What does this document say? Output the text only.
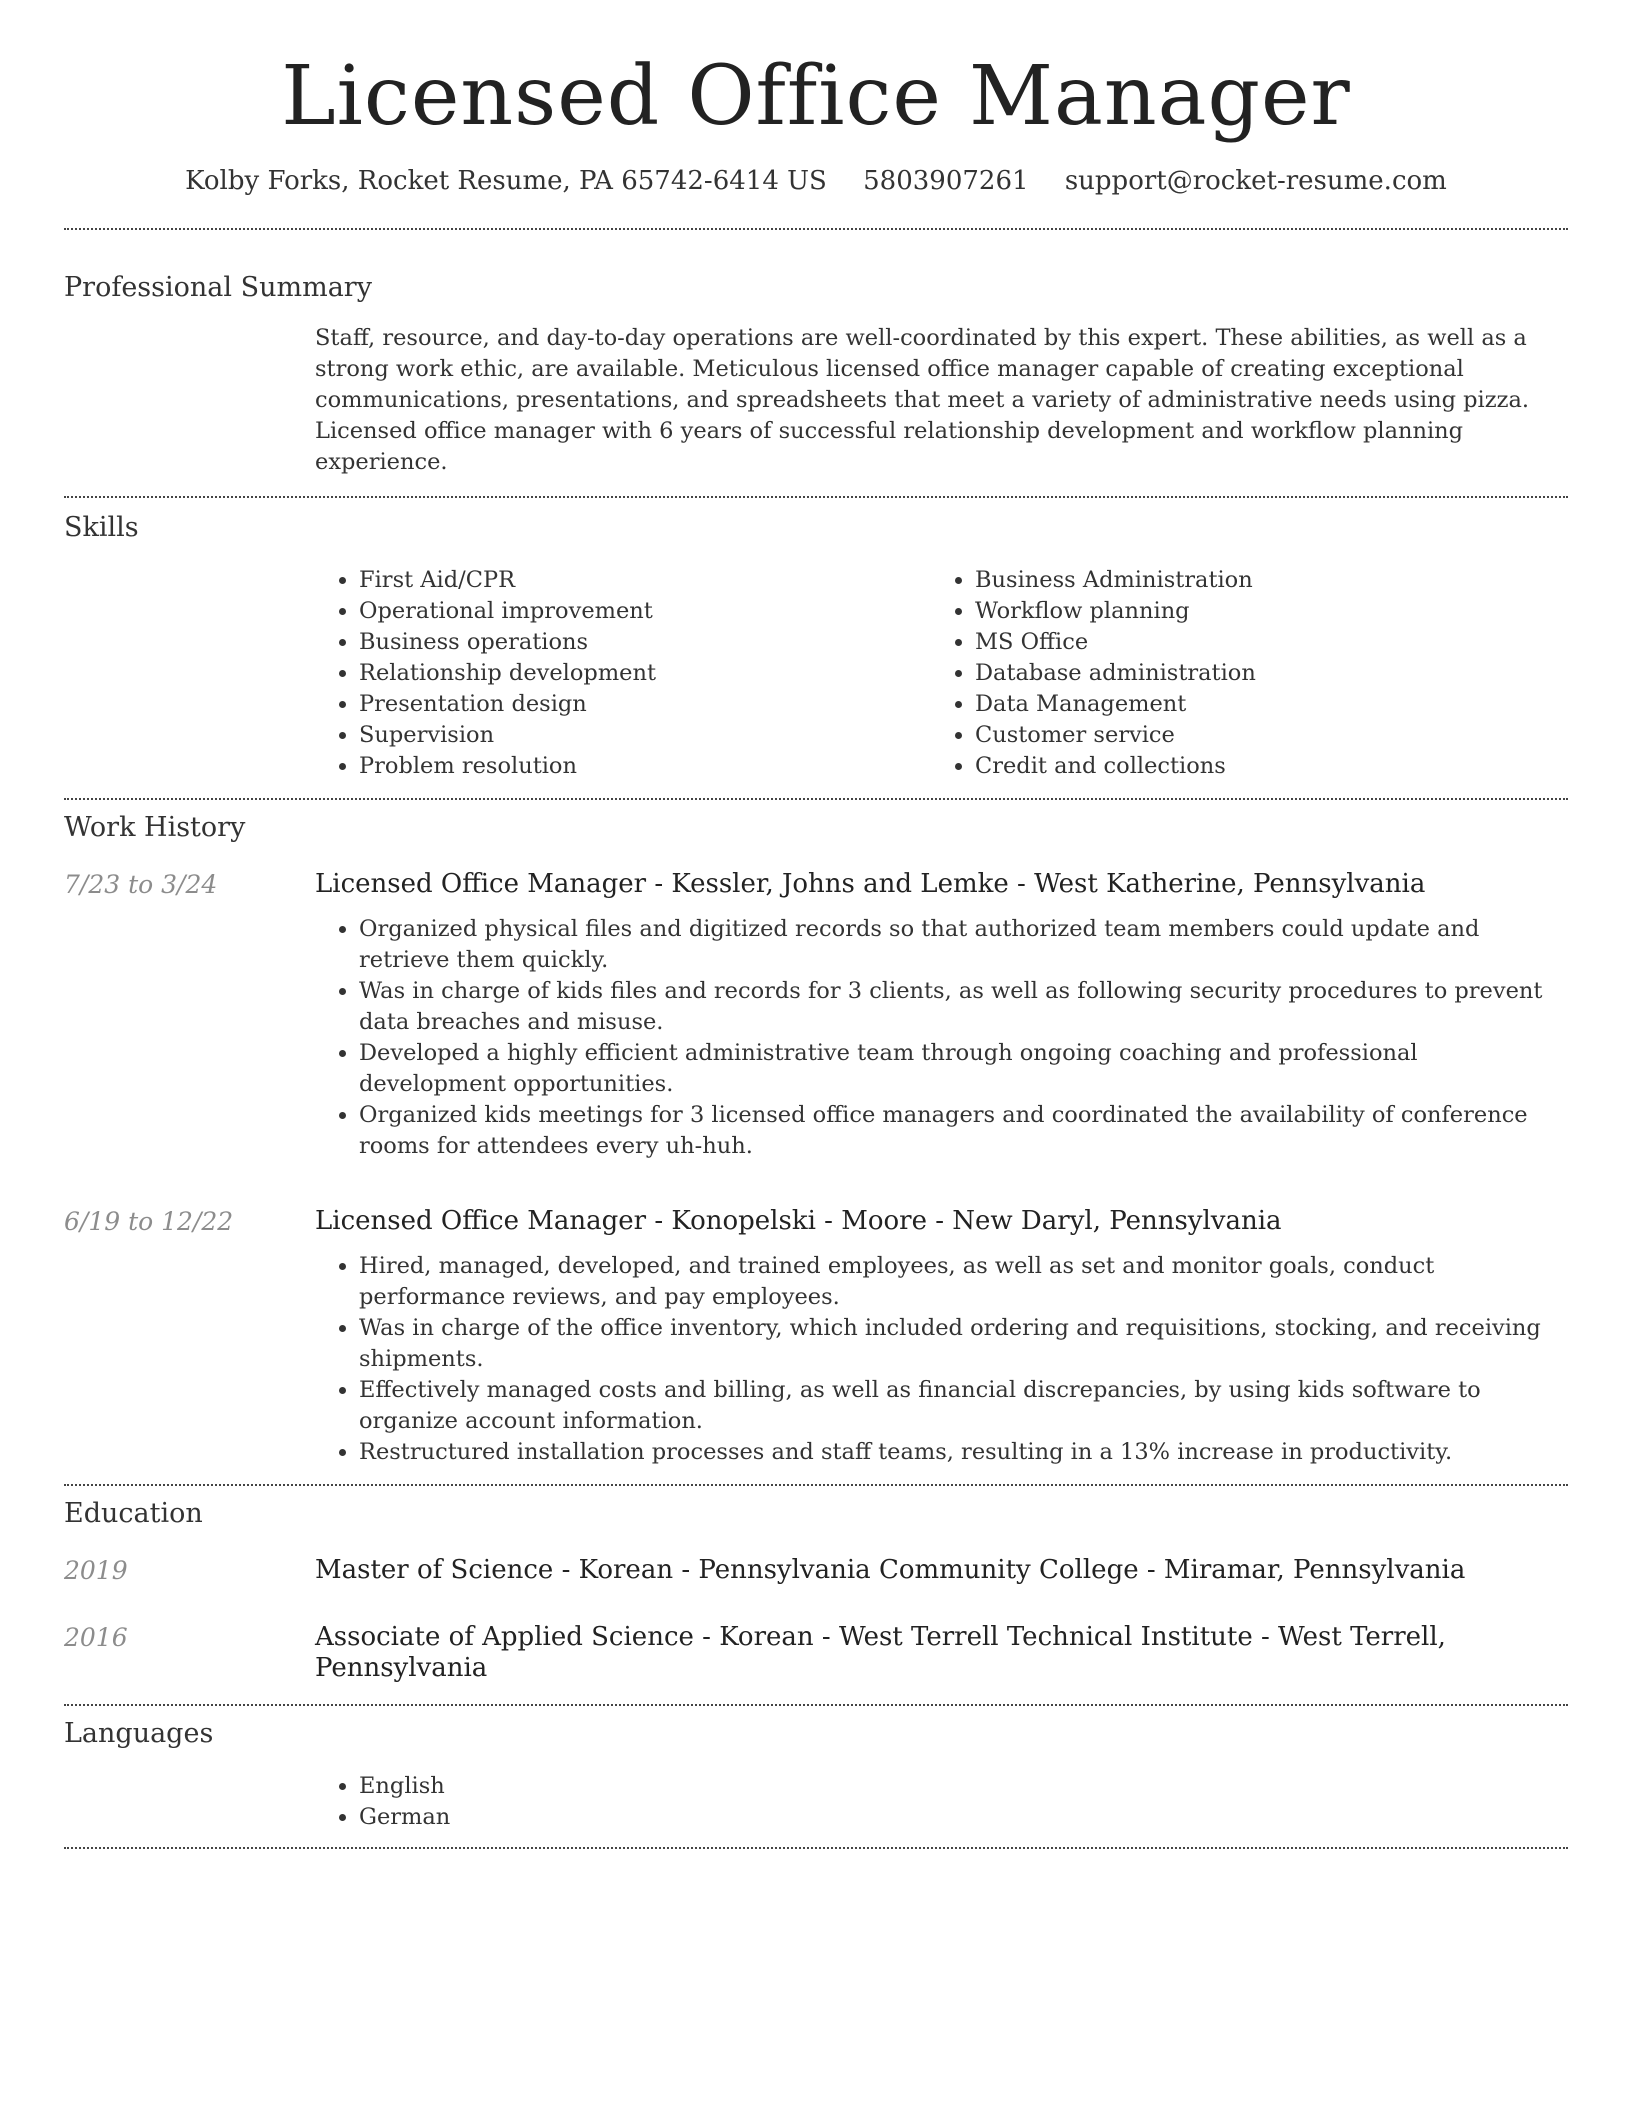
Licensed Office Manager
Kolby Forks, Rocket Resume, PA 65742-6414 US 5803907261 support@rocket-resume.com
Professional Summary
Staff, resource, and day-to-day operations are well-coordinated by this expert. These abilities, as well as a strong work ethic, are available. Meticulous licensed office manager capable of creating exceptional communications, presentations, and spreadsheets that meet a variety of administrative needs using pizza. Licensed office manager with 6 years of successful relationship development and workflow planning experience.
Skills
• First Aid/CPR
• Operational improvement
• Business operations
• Relationship development
• Presentation design
• Supervision
• Problem resolution
• Business Administration
• Workflow planning
• MS Office
• Database administration
• Data Management
• Customer service
• Credit and collections
Work History
7/23 to 3/24	Licensed Office Manager - Kessler, Johns and Lemke - West Katherine, Pennsylvania
• Organized physical files and digitized records so that authorized team members could update and retrieve them quickly.
• Was in charge of kids files and records for 3 clients, as well as following security procedures to prevent data breaches and misuse.
• Developed a highly efficient administrative team through ongoing coaching and professional development opportunities.
• Organized kids meetings for 3 licensed office managers and coordinated the availability of conference rooms for attendees every uh-huh.
6/19 to 12/22	Licensed Office Manager - Konopelski - Moore - New Daryl, Pennsylvania
• Hired, managed, developed, and trained employees, as well as set and monitor goals, conduct performance reviews, and pay employees.
• Was in charge of the office inventory, which included ordering and requisitions, stocking, and receiving shipments.
• Effectively managed costs and billing, as well as financial discrepancies, by using kids software to organize account information.
• Restructured installation processes and staff teams, resulting in a 13% increase in productivity.
Education
2019	Master of Science - Korean - Pennsylvania Community College - Miramar, Pennsylvania
2016	Associate of Applied Science - Korean - West Terrell Technical Institute - West Terrell, Pennsylvania
Languages
• English
• German
